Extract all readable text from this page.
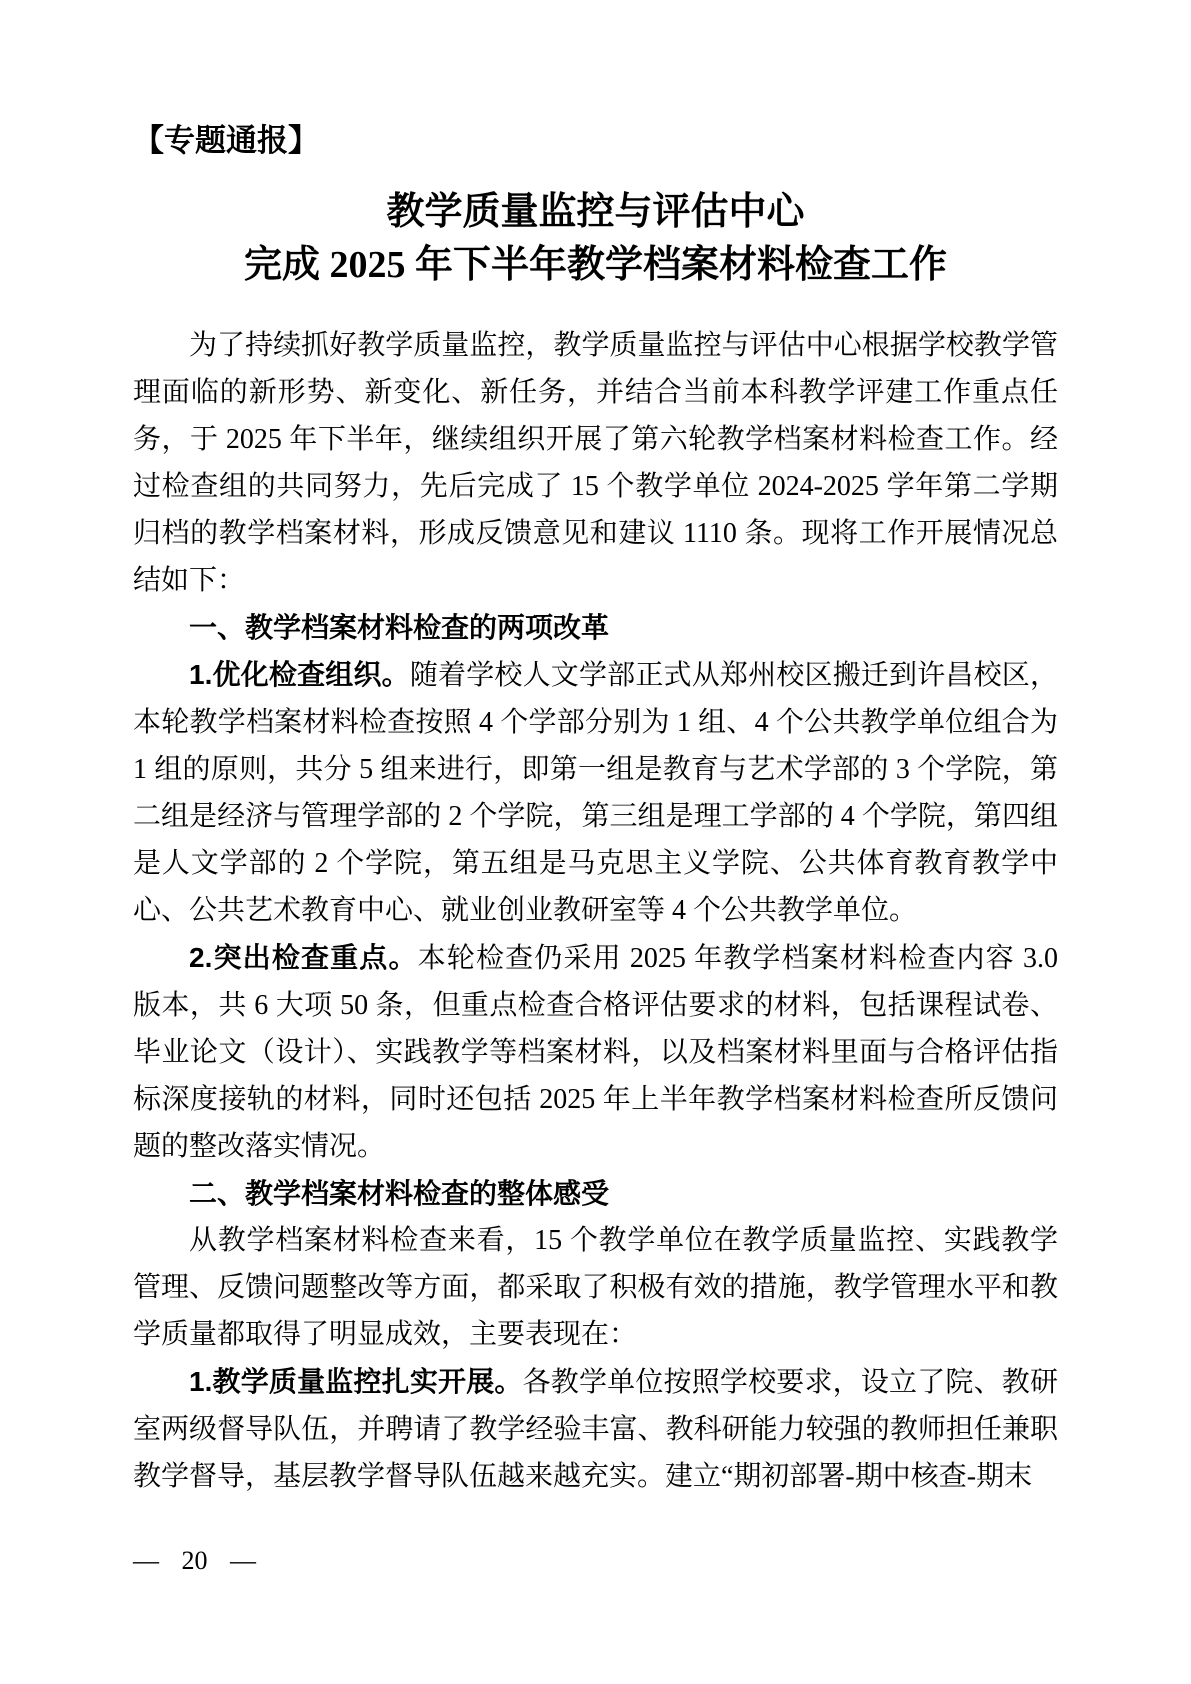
【专题通报】
教学质量监控与评估中心
完成 2025 年下半年教学档案材料检查工作

为了持续抓好教学质量监控，教学质量监控与评估中心根据学校教学管理面临的新形势、新变化、新任务，并结合当前本科教学评建工作重点任务，于 2025 年下半年，继续组织开展了第六轮教学档案材料检查工作。经过检查组的共同努力，先后完成了 15 个教学单位 2024-2025 学年第二学期归档的教学档案材料，形成反馈意见和建议 1110 条。现将工作开展情况总结如下：

一、教学档案材料检查的两项改革

1.优化检查组织。随着学校人文学部正式从郑州校区搬迁到许昌校区，本轮教学档案材料检查按照 4 个学部分别为 1 组、4 个公共教学单位组合为 1 组的原则，共分 5 组来进行，即第一组是教育与艺术学部的 3 个学院，第二组是经济与管理学部的 2 个学院，第三组是理工学部的 4 个学院，第四组是人文学部的 2 个学院，第五组是马克思主义学院、公共体育教育教学中心、公共艺术教育中心、就业创业教研室等 4 个公共教学单位。

2.突出检查重点。本轮检查仍采用 2025 年教学档案材料检查内容 3.0 版本，共 6 大项 50 条，但重点检查合格评估要求的材料，包括课程试卷、毕业论文（设计）、实践教学等档案材料，以及档案材料里面与合格评估指标深度接轨的材料，同时还包括 2025 年上半年教学档案材料检查所反馈问题的整改落实情况。

二、教学档案材料检查的整体感受

从教学档案材料检查来看，15 个教学单位在教学质量监控、实践教学管理、反馈问题整改等方面，都采取了积极有效的措施，教学管理水平和教学质量都取得了明显成效，主要表现在：

1.教学质量监控扎实开展。各教学单位按照学校要求，设立了院、教研室两级督导队伍，并聘请了教学经验丰富、教科研能力较强的教师担任兼职教学督导，基层教学督导队伍越来越充实。建立“期初部署-期中核查-期末

— 20 —
